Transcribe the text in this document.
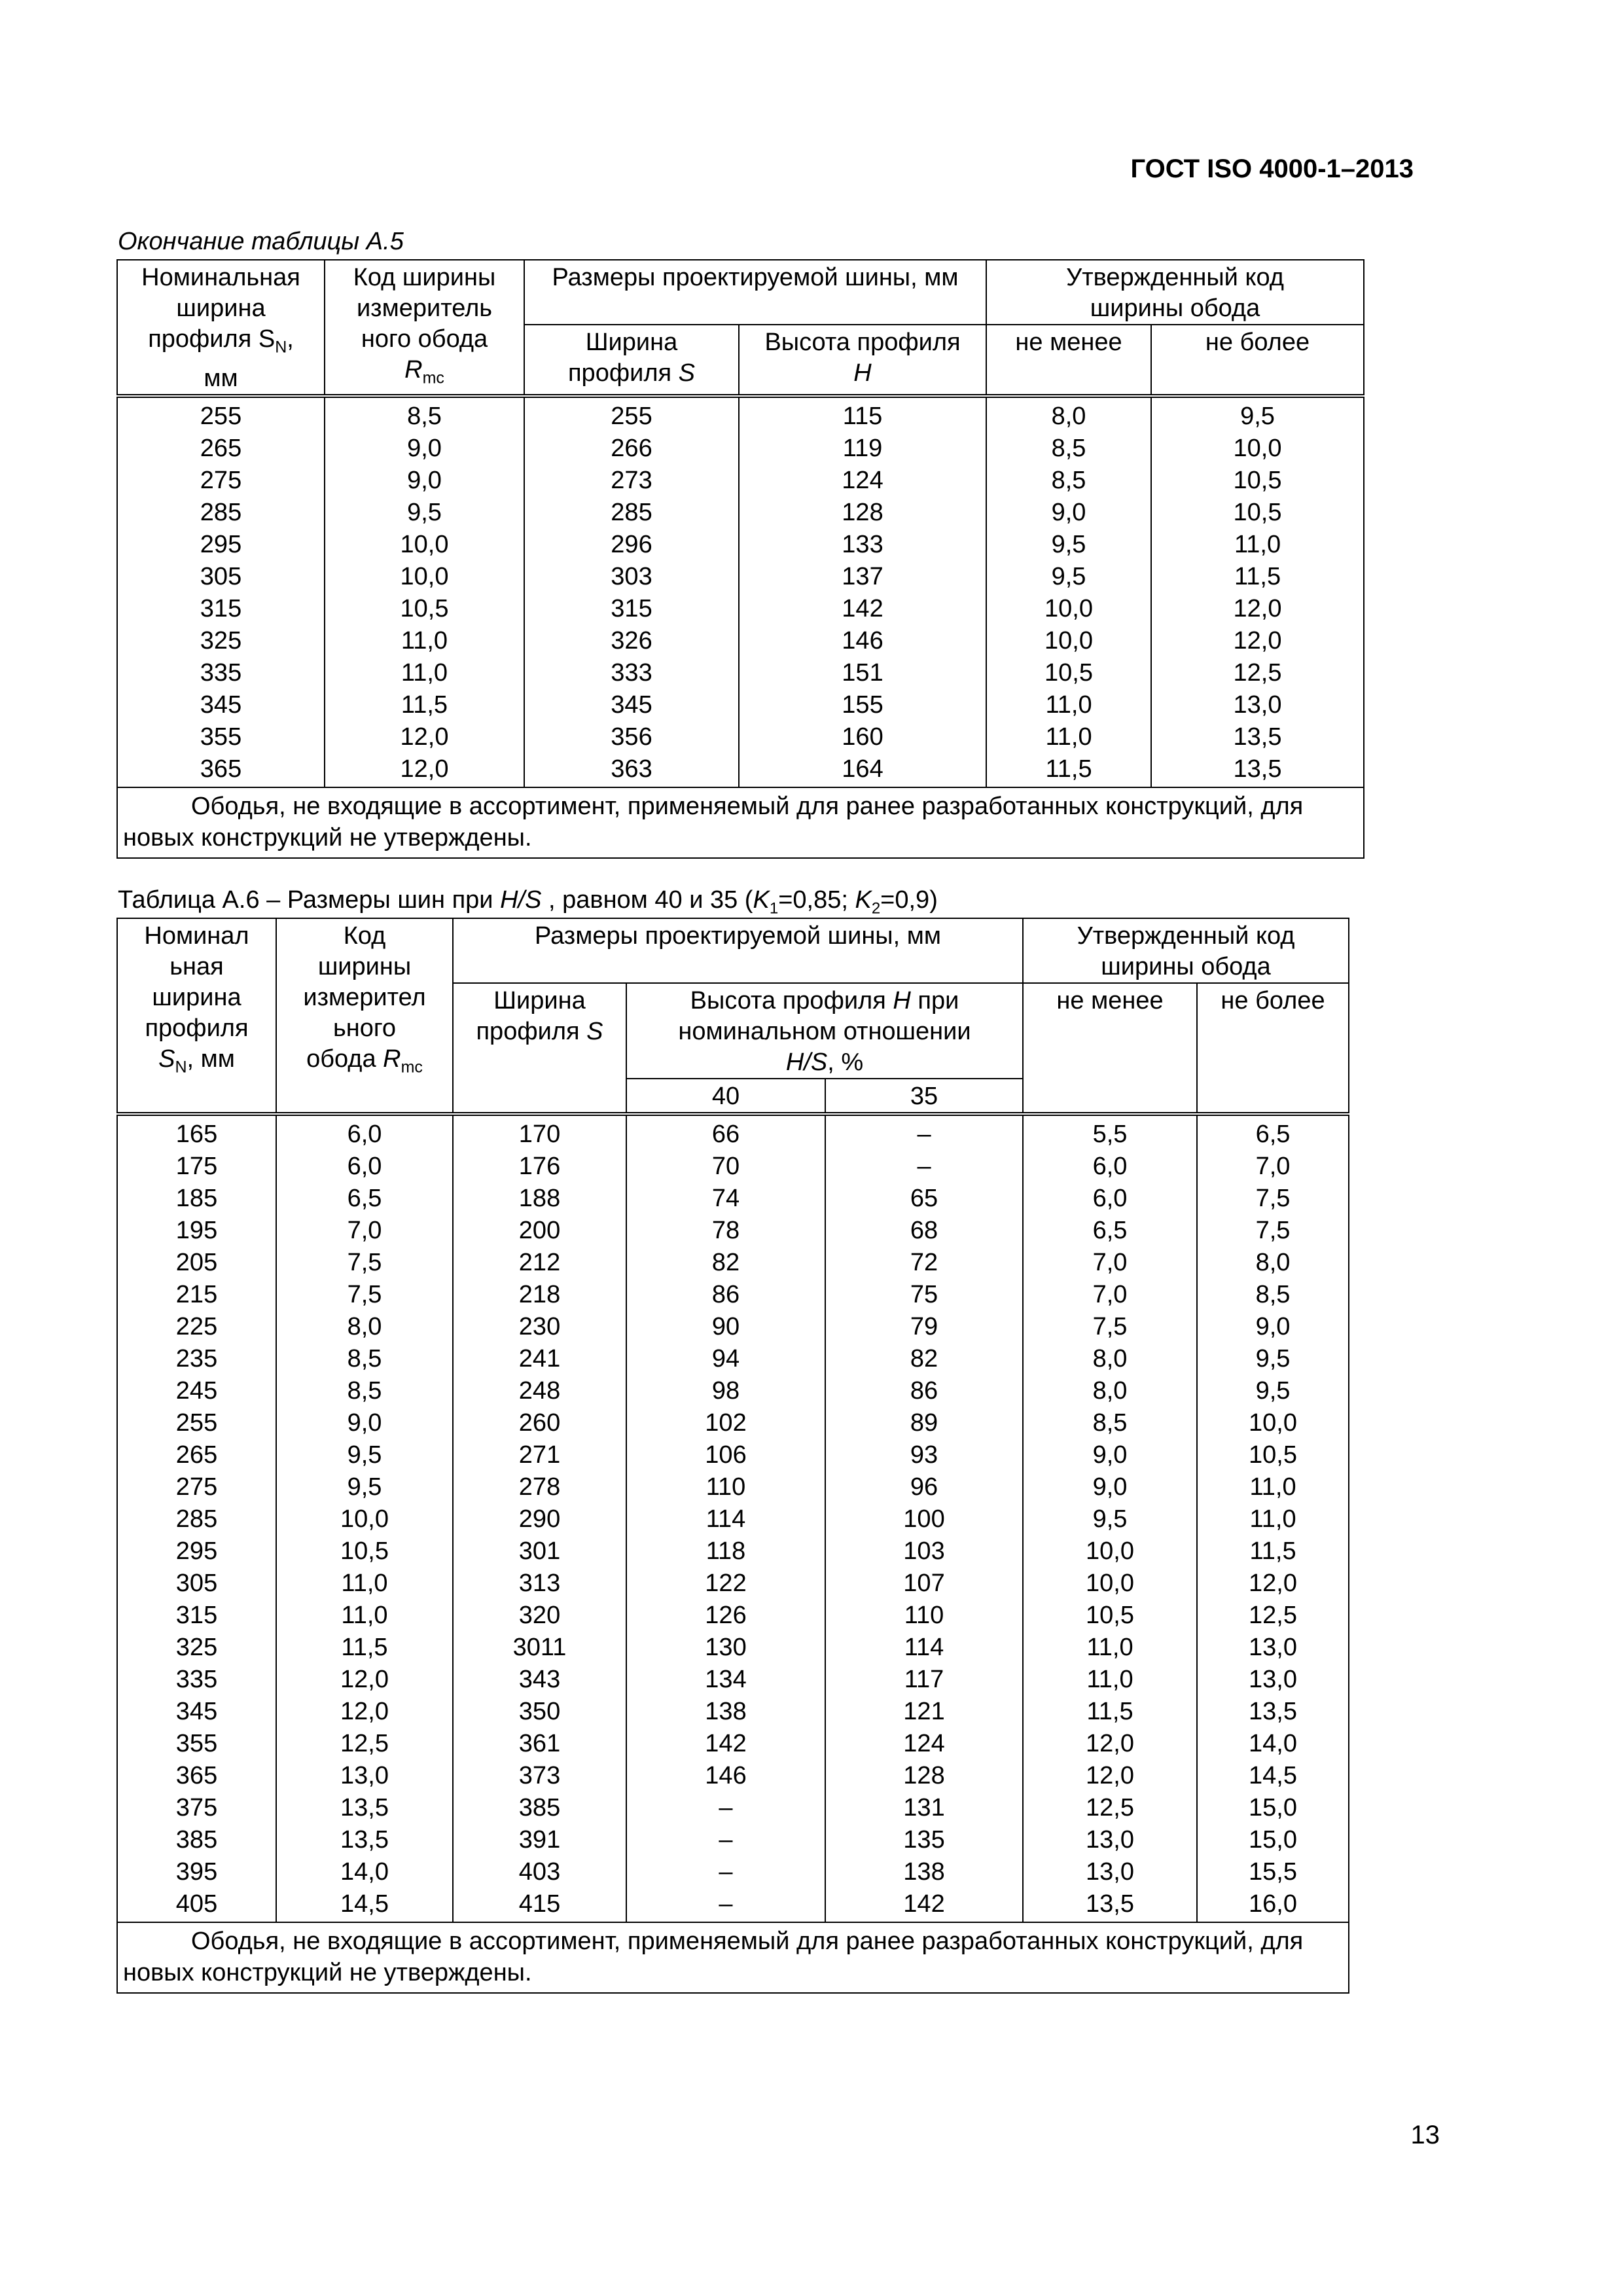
ГОСТ ISO 4000-1–2013
Окончание таблицы А.5
Номинальная
ширина
профиля $S_N$,
мм	Код ширины
измеритель
ного обода
$R_{mc}$	Размеры проектируемой шины, мм		Утвержденный код
ширины обода	
		Ширина
профиля S	Высота профиля
H	не менее	не более
255	8,5	255	115	8,0	9,5
265	9,0	266	119	8,5	10,0
275	9,0	273	124	8,5	10,5
285	9,5	285	128	9,0	10,5
295	10,0	296	133	9,5	11,0
305	10,0	303	137	9,5	11,5
315	10,5	315	142	10,0	12,0
325	11,0	326	146	10,0	12,0
335	11,0	333	151	10,5	12,5
345	11,5	345	155	11,0	13,0
355	12,0	356	160	11,0	13,5
365	12,0	363	164	11,5	13,5
Ободья, не входящие в ассортимент, применяемый для ранее разработанных конструкций, для новых конструкций не утверждены.					
Таблица А.6 – Размеры шин при H/S , равном 40 и 35 ($K_1=0,85$; $K_2=0,9$)
Номинал
ьная
ширина
профиля
$S_N$, мм	Код
ширины
измерител
ьного
обода $R_{mc}$	Размеры проектируемой шины, мм			Утвержденный код
ширины обода	
		Ширина
профиля S	Высота профиля H при
номинальном отношении
H/S, %		не менее	не более
			40	35		
165	6,0	170	66	–	5,5	6,5
175	6,0	176	70	–	6,0	7,0
185	6,5	188	74	65	6,0	7,5
195	7,0	200	78	68	6,5	7,5
205	7,5	212	82	72	7,0	8,0
215	7,5	218	86	75	7,0	8,5
225	8,0	230	90	79	7,5	9,0
235	8,5	241	94	82	8,0	9,5
245	8,5	248	98	86	8,0	9,5
255	9,0	260	102	89	8,5	10,0
265	9,5	271	106	93	9,0	10,5
275	9,5	278	110	96	9,0	11,0
285	10,0	290	114	100	9,5	11,0
295	10,5	301	118	103	10,0	11,5
305	11,0	313	122	107	10,0	12,0
315	11,0	320	126	110	10,5	12,5
325	11,5	3011	130	114	11,0	13,0
335	12,0	343	134	117	11,0	13,0
345	12,0	350	138	121	11,5	13,5
355	12,5	361	142	124	12,0	14,0
365	13,0	373	146	128	12,0	14,5
375	13,5	385	–	131	12,5	15,0
385	13,5	391	–	135	13,0	15,0
395	14,0	403	–	138	13,0	15,5
405	14,5	415	–	142	13,5	16,0
Ободья, не входящие в ассортимент, применяемый для ранее разработанных конструкций, для новых конструкций не утверждены.						
13
